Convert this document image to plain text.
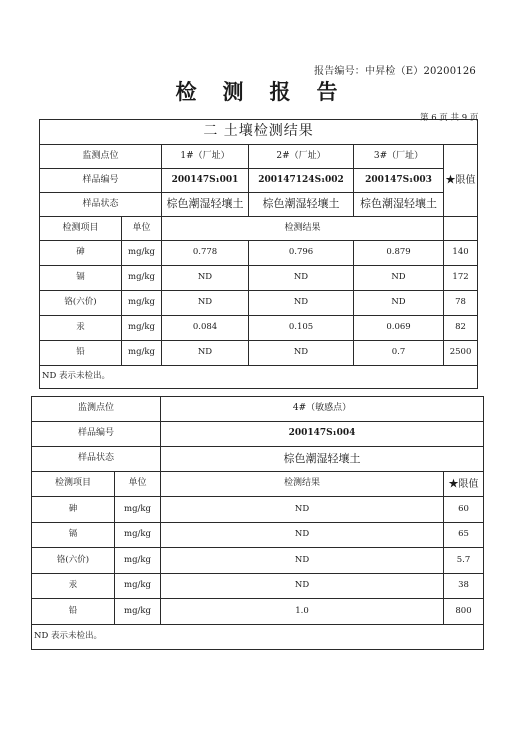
报告编号：中昇检（E）20200126
检测报告
第 6 页 共 9 页
二 土壤检测结果					
监测点位		1#（厂址）	2#（厂址）	3#（厂址）	★限值
样品编号		200147S₁001	200147124S₁002	200147S₁003	
样品状态		棕色潮湿轻壤土	棕色潮湿轻壤土	棕色潮湿轻壤土	
检测项目	单位	检测结果			
砷	mg/kg	0.778	0.796	0.879	140
镉	mg/kg	ND	ND	ND	172
铬(六价)	mg/kg	ND	ND	ND	78
汞	mg/kg	0.084	0.105	0.069	82
铅	mg/kg	ND	ND	0.7	2500
ND 表示未检出。					
监测点位		4#（敏感点）	
样品编号		200147S₁004	
样品状态		棕色潮湿轻壤土	
检测项目	单位	检测结果	★限值
砷	mg/kg	ND	60
镉	mg/kg	ND	65
铬(六价)	mg/kg	ND	5.7
汞	mg/kg	ND	38
铅	mg/kg	1.0	800
ND 表示未检出。			
